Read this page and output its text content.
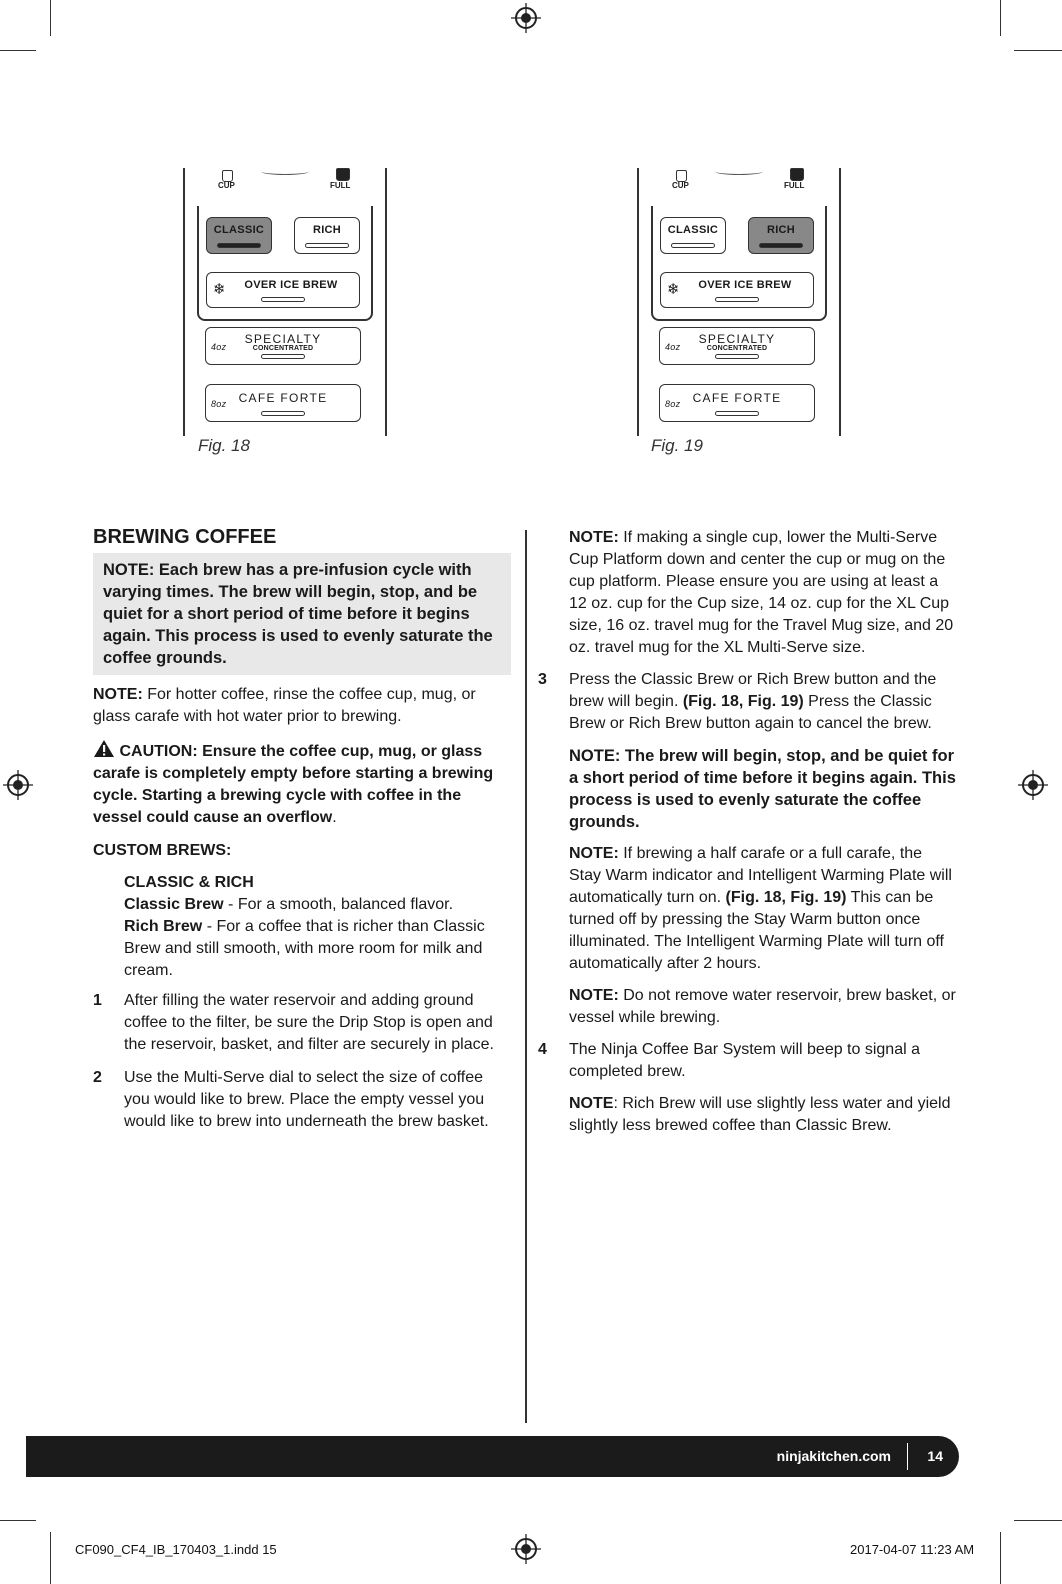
CUP	FULL
CLASSIC	RICH
❄	OVER ICE BREW
4oz
SPECIALTY
CONCENTRATED
8oz	CAFE FORTE
Fig. 18
CUP	FULL
CLASSIC	RICH
❄	OVER ICE BREW
4oz
SPECIALTY
CONCENTRATED
8oz	CAFE FORTE
Fig. 19

BREWING COFFEE

NOTE: Each brew has a pre-infusion cycle with varying times. The brew will begin, stop, and be quiet for a short period of time before it begins again. This process is used to evenly saturate the coffee grounds.

NOTE: For hotter coffee, rinse the coffee cup, mug, or glass carafe with hot water prior to brewing.

CAUTION: Ensure the coffee cup, mug, or glass carafe is completely empty before starting a brewing cycle. Starting a brewing cycle with coffee in the vessel could cause an overflow.

CUSTOM BREWS:

CLASSIC & RICH

Classic Brew - For a smooth, balanced flavor.

Rich Brew - For a coffee that is richer than Classic Brew and still smooth, with more room for milk and cream.

1 After filling the water reservoir and adding ground coffee to the filter, be sure the Drip Stop is open and the reservoir, basket, and filter are securely in place.

2 Use the Multi-Serve dial to select the size of coffee you would like to brew. Place the empty vessel you would like to brew into underneath the brew basket.

NOTE: If making a single cup, lower the Multi-Serve Cup Platform down and center the cup or mug on the cup platform. Please ensure you are using at least a 12 oz. cup for the Cup size, 14 oz. cup for the XL Cup size, 16 oz. travel mug for the Travel Mug size, and 20 oz. travel mug for the XL Multi-Serve size.

3 Press the Classic Brew or Rich Brew button and the brew will begin. (Fig. 18, Fig. 19) Press the Classic Brew or Rich Brew button again to cancel the brew.

NOTE: The brew will begin, stop, and be quiet for a short period of time before it begins again. This process is used to evenly saturate the coffee grounds.

NOTE: If brewing a half carafe or a full carafe, the Stay Warm indicator and Intelligent Warming Plate will automatically turn on. (Fig. 18, Fig. 19) This can be turned off by pressing the Stay Warm button once illuminated. The Intelligent Warming Plate will turn off automatically after 2 hours.

NOTE: Do not remove water reservoir, brew basket, or vessel while brewing.

4 The Ninja Coffee Bar System will beep to signal a completed brew.

NOTE: Rich Brew will use slightly less water and yield slightly less brewed coffee than Classic Brew.

ninjakitchen.com	14
CF090_CF4_IB_170403_1.indd 15	2017-04-07 11:23 AM
